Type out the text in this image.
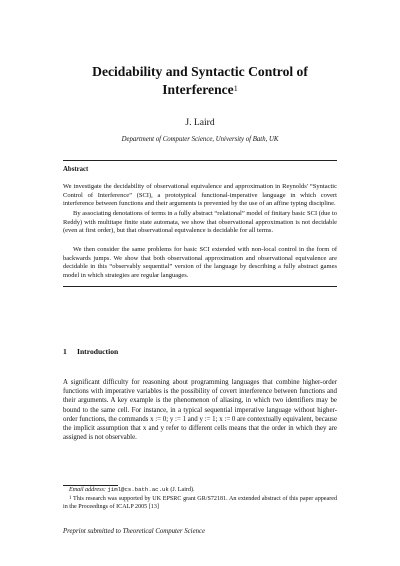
Decidability and Syntactic Control of
Interference$^1$
J. Laird
Department of Computer Science, University of Bath, UK
Abstract

We investigate the decidability of observational equivalence and approximation in Reynolds' “Syntactic Control of Interference” (SCI), a prototypical functional-imperative language in which covert interference between functions and their arguments is prevented by the use of an affine typing discipline.

By associating denotations of terms in a fully abstract “relational” model of finitary basic SCI (due to Reddy) with multitape finite state automata, we show that observational approximation is not decidable (even at first order), but that observational equivalence is decidable for all terms.

We then consider the same problems for basic SCI extended with non-local control in the form of backwards jumps. We show that both observational approximation and observational equivalence are decidable in this “observably sequential” version of the language by describing a fully abstract games model in which strategies are regular languages.

1 Introduction

A significant difficulty for reasoning about programming languages that combine higher-order functions with imperative variables is the possibility of covert interference between functions and their arguments. A key example is the phenomenon of aliasing, in which two identifiers may be bound to the same cell. For instance, in a typical sequential imperative language without higher-order functions, the commands x := 0; y := 1 and y := 1; x := 0 are contextually equivalent, because the implicit assumption that x and y refer to different cells means that the order in which they are assigned is not observable.

Email address: jiml@cs.bath.ac.uk (J. Laird).

$^1$ This research was supported by UK EPSRC grant GR/S72181. An extended abstract of this paper appeared in the Proceedings of ICALP 2005 [13]

Preprint submitted to Theoretical Computer Science
